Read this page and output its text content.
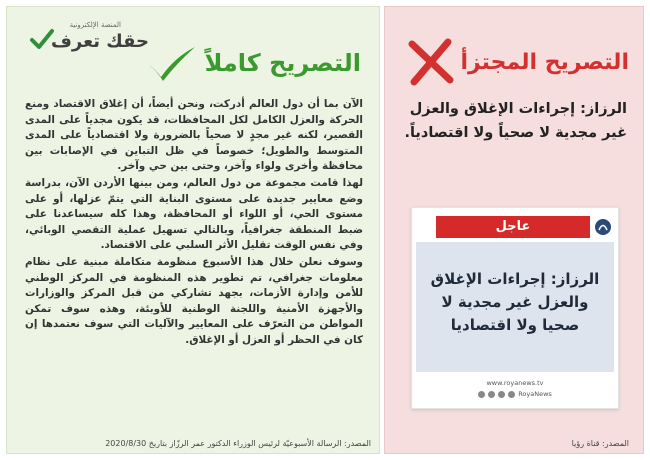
المنصة الإلكترونية
حقك تعرف
التصريح كاملاً

الآن بما أن دول العالم أدركت، ونحن أيضاً، أن إغلاق الاقتصاد ومنع الحركة والعزل الكامل لكل المحافظات، قد يكون مجدياً على المدى القصير، لكنه غير مجدٍ لا صحياً بالضرورة ولا اقتصادياً على المدى المتوسط والطويل؛ خصوصاً في ظل التباين في الإصابات بين محافظة وأخرى ولواء وآخر، وحتى بين حي وآخر.

لهذا قامت مجموعة من دول العالم، ومن بينها الأردن الآن، بدراسة وضع معايير جديدة على مستوى البناية التي يتمّ عزلها، أو على مستوى الحي، أو اللواء أو المحافظة، وهذا كله سيساعدنا على ضبط المنطقة جغرافياً، وبالتالي تسهيل عملية التقصي الوبائي، وفي نفس الوقت تقليل الأثر السلبي على الاقتصاد.

وسوف نعلن خلال هذا الأسبوع منظومة متكاملة مبنية على نظام معلومات جغرافي، تم تطوير هذه المنظومة في المركز الوطني للأمن وإدارة الأزمات، بجهد تشاركي من قبل المركز والوزارات والأجهزة الأمنية واللجنة الوطنية للأوبئة، وهذه سوف تمكن المواطن من التعرّف على المعايير والآليات التي سوف نعتمدها إن كان في الحظر أو العزل أو الإغلاق.

المصدر: الرسالة الأسبوعيّة لرئيس الوزراء الدكتور عمر الرزّاز بتاريخ 2020/8/30
التصريح المجتزأ
الرزاز: إجراءات الإغلاق والعزل غير مجدية لا صحياً ولا اقتصادياً.
عاجل
الرزاز: إجراءات الإغلاق والعزل غير مجدية لا صحيا ولا اقتصاديا
www.royanews.tv
RoyaNews
المصدر: قناة رؤيا
